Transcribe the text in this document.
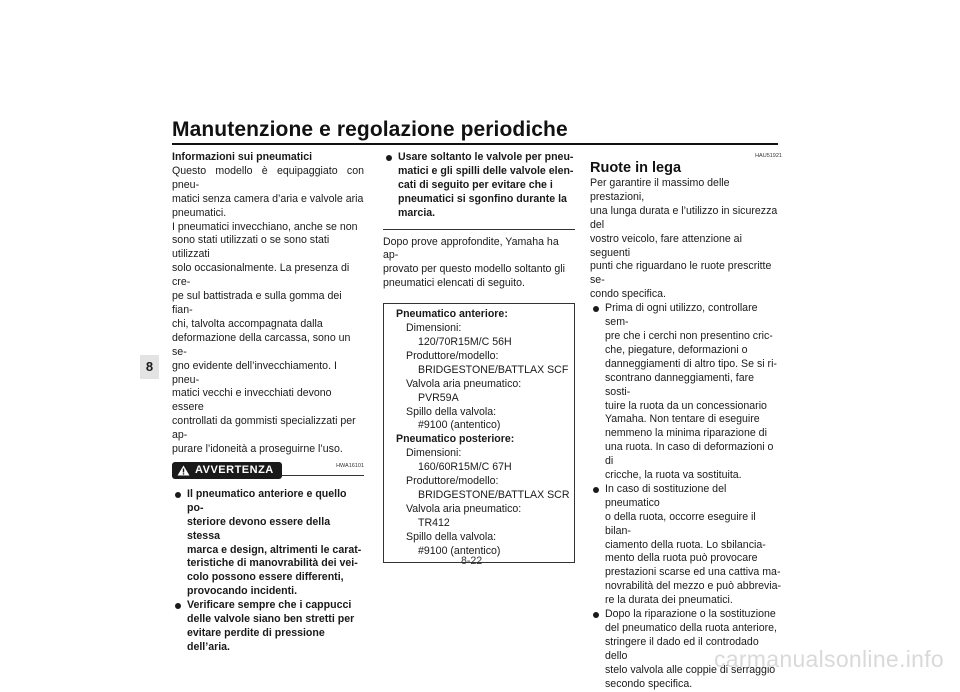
Manutenzione e regolazione periodiche
8

Informazioni sui pneumatici

Questo modello è equipaggiato con pneu-
matici senza camera d’aria e valvole aria
pneumatici.

I pneumatici invecchiano, anche se non
sono stati utilizzati o se sono stati utilizzati
solo occasionalmente. La presenza di cre-
pe sul battistrada e sulla gomma dei fian-
chi, talvolta accompagnata dalla
deformazione della carcassa, sono un se-
gno evidente dell’invecchiamento. I pneu-
matici vecchi e invecchiati devono essere
controllati da gommisti specializzati per ap-
purare l’idoneità a proseguirne l’uso.

AVVERTENZA	HWA16101

Il pneumatico anteriore e quello po-
steriore devono essere della stessa
marca e design, altrimenti le carat-
teristiche di manovrabilità dei vei-
colo possono essere differenti,
provocando incidenti.

Verificare sempre che i cappucci
delle valvole siano ben stretti per
evitare perdite di pressione
dell’aria.

Usare soltanto le valvole per pneu-
matici e gli spilli delle valvole elen-
cati di seguito per evitare che i
pneumatici si sgonfino durante la
marcia.

Dopo prove approfondite, Yamaha ha ap-
provato per questo modello soltanto gli
pneumatici elencati di seguito.

Pneumatico anteriore:
Dimensioni:
120/70R15M/C 56H
Produttore/modello:
BRIDGESTONE/BATTLAX SCF
Valvola aria pneumatico:
PVR59A
Spillo della valvola:
#9100 (antentico)
Pneumatico posteriore:
Dimensioni:
160/60R15M/C 67H
Produttore/modello:
BRIDGESTONE/BATTLAX SCR
Valvola aria pneumatico:
TR412
Spillo della valvola:
#9100 (antentico)
HAU51921
Ruote in lega

Per garantire il massimo delle prestazioni,
una lunga durata e l’utilizzo in sicurezza del
vostro veicolo, fare attenzione ai seguenti
punti che riguardano le ruote prescritte se-
condo specifica.

Prima di ogni utilizzo, controllare sem-
pre che i cerchi non presentino cric-
che, piegature, deformazioni o
danneggiamenti di altro tipo. Se si ri-
scontrano danneggiamenti, fare sosti-
tuire la ruota da un concessionario
Yamaha. Non tentare di eseguire
nemmeno la minima riparazione di
una ruota. In caso di deformazioni o di
cricche, la ruota va sostituita.

In caso di sostituzione del pneumatico
o della ruota, occorre eseguire il bilan-
ciamento della ruota. Lo sbilancia-
mento della ruota può provocare
prestazioni scarse ed una cattiva ma-
novrabilità del mezzo e può abbrevia-
re la durata dei pneumatici.

Dopo la riparazione o la sostituzione
del pneumatico della ruota anteriore,
stringere il dado ed il controdado dello
stelo valvola alle coppie di serraggio
secondo specifica.

8-22
carmanualsonline.info
